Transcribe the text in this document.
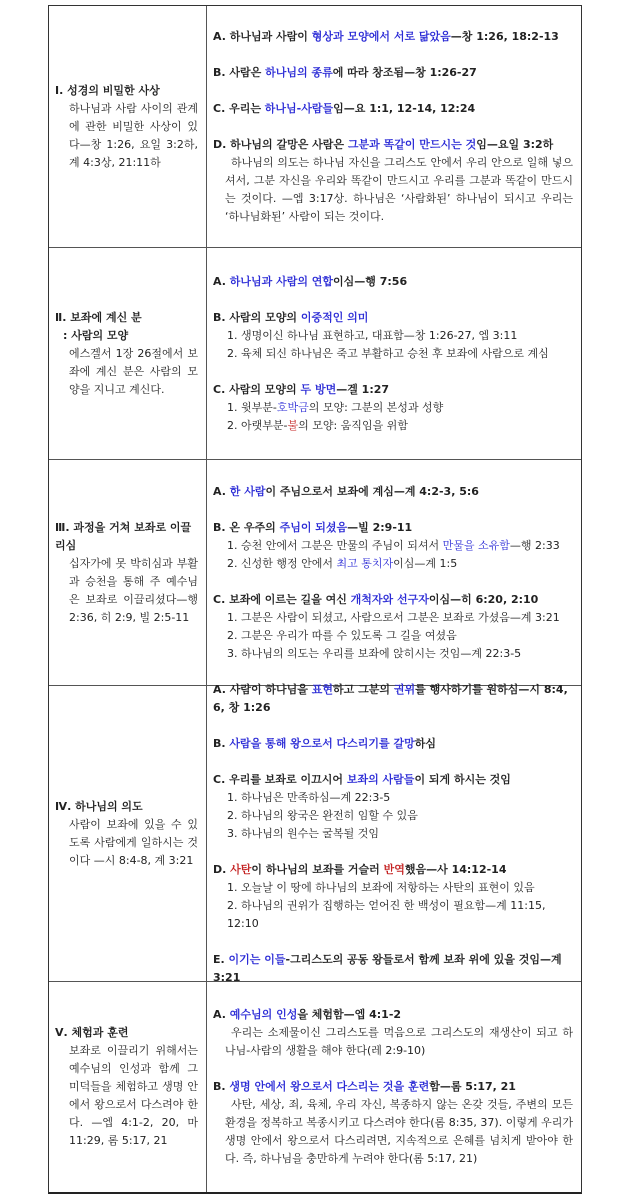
Ⅰ. 성경의 비밀한 사상
하나님과 사람 사이의 관계에 관한 비밀한 사상이 있다—창 1:26, 요일 3:2하, 계 4:3상, 21:11하
A. 하나님과 사람이 형상과 모양에서 서로 닮았음—창 1:26, 18:2-13
B. 사람은 하나님의 종류에 따라 창조됨—창 1:26-27
C. 우리는 하나님-사람들임—요 1:1, 12-14, 12:24
D. 하나님의 갈망은 사람은 그분과 똑같이 만드시는 것임—요일 3:2하
하나님의 의도는 하나님 자신을 그리스도 안에서 우리 안으로 일해 넣으셔서, 그분 자신을 우리와 똑같이 만드시고 우리를 그분과 똑같이 만드시는 것이다. —엡 3:17상. 하나님은 ‘사람화된’ 하나님이 되시고 우리는 ‘하나님화된’ 사람이 되는 것이다.
Ⅱ. 보좌에 계신 분
: 사람의 모양
에스겔서 1장 26절에서 보좌에 계신 분은 사람의 모양을 지니고 계신다.
A. 하나님과 사람의 연합이심—행 7:56
B. 사람의 모양의 이중적인 의미
1. 생명이신 하나님 표현하고, 대표함—창 1:26-27, 엡 3:11
2. 육체 되신 하나님은 죽고 부활하고 승천 후 보좌에 사람으로 계심
C. 사람의 모양의 두 방면—겔 1:27
1. 윗부분-호박금의 모양: 그분의 본성과 성향
2. 아랫부분-불의 모양: 움직임을 위함
Ⅲ. 과정을 거쳐 보좌로 이끌리심
십자가에 못 박히심과 부활과 승천을 통해 주 예수님은 보좌로 이끌리셨다—행 2:36, 히 2:9, 빌 2:5-11
A. 한 사람이 주님으로서 보좌에 계심—계 4:2-3, 5:6
B. 온 우주의 주님이 되셨음—빌 2:9-11
1. 승천 안에서 그분은 만물의 주님이 되셔서 만물을 소유함—행 2:33
2. 신성한 행정 안에서 최고 통치자이심—계 1:5
C. 보좌에 이르는 길을 여신 개척자와 선구자이심—히 6:20, 2:10
1. 그분은 사람이 되셨고, 사람으로서 그분은 보좌로 가셨음—계 3:21
2. 그분은 우리가 따를 수 있도록 그 길을 여셨음
3. 하나님의 의도는 우리를 보좌에 앉히시는 것임—계 22:3-5
Ⅳ. 하나님의 의도
사람이 보좌에 있을 수 있도록 사람에게 일하시는 것이다 —시 8:4-8, 계 3:21
A. 사람이 하나님을 표현하고 그분의 권위를 행사하기를 원하심—시 8:4, 6, 창 1:26
B. 사람을 통해 왕으로서 다스리기를 갈망하심
C. 우리를 보좌로 이끄시어 보좌의 사람들이 되게 하시는 것임
1. 하나님은 만족하심—계 22:3-5
2. 하나님의 왕국은 완전히 임할 수 있음
3. 하나님의 원수는 굴복될 것임
D. 사탄이 하나님의 보좌를 거슬러 반역했음—사 14:12-14
1. 오늘날 이 땅에 하나님의 보좌에 저항하는 사탄의 표현이 있음
2. 하나님의 권위가 집행하는 얻어진 한 백성이 필요함—계 11:15, 12:10
E. 이기는 이들-그리스도의 공동 왕들로서 함께 보좌 위에 있을 것임—계 3:21
Ⅴ. 체험과 훈련
보좌로 이끌리기 위해서는 예수님의 인성과 함께 그 미덕들을 체험하고 생명 안에서 왕으로서 다스려야 한다. —엡 4:1-2, 20, 마 11:29, 롬 5:17, 21
A. 예수님의 인성을 체험함—엡 4:1-2
우리는 소제물이신 그리스도를 먹음으로 그리스도의 재생산이 되고 하나님-사람의 생활을 해야 한다(레 2:9-10)
B. 생명 안에서 왕으로서 다스리는 것을 훈련함—롬 5:17, 21
사탄, 세상, 죄, 육체, 우리 자신, 복종하지 않는 온갖 것들, 주변의 모든 환경을 정복하고 복종시키고 다스려야 한다(롬 8:35, 37). 이렇게 우리가 생명 안에서 왕으로서 다스리려면, 지속적으로 은혜를 넘치게 받아야 한다. 즉, 하나님을 충만하게 누려야 한다(롬 5:17, 21)
